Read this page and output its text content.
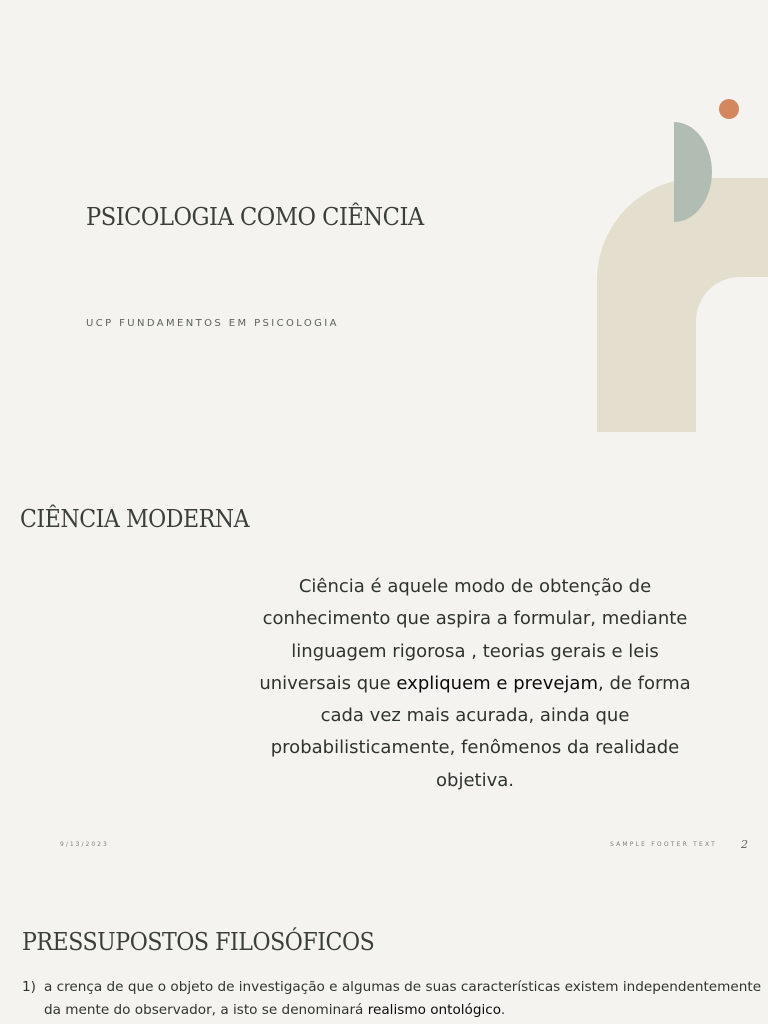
PSICOLOGIA COMO CIÊNCIA
UCP FUNDAMENTOS EM PSICOLOGIA
CIÊNCIA MODERNA
Ciência é aquele modo de obtenção de conhecimento que aspira a formular, mediante linguagem rigorosa , teorias gerais e leis universais que expliquem e prevejam, de forma cada vez mais acurada, ainda que probabilisticamente, fenômenos da realidade objetiva.
9/13/2023	SAMPLE FOOTER TEXT 2
PRESSUPOSTOS FILOSÓFICOS
1) a crença de que o objeto de investigação e algumas de suas características existem independentemente da mente do observador, a isto se denominará realismo ontológico.
